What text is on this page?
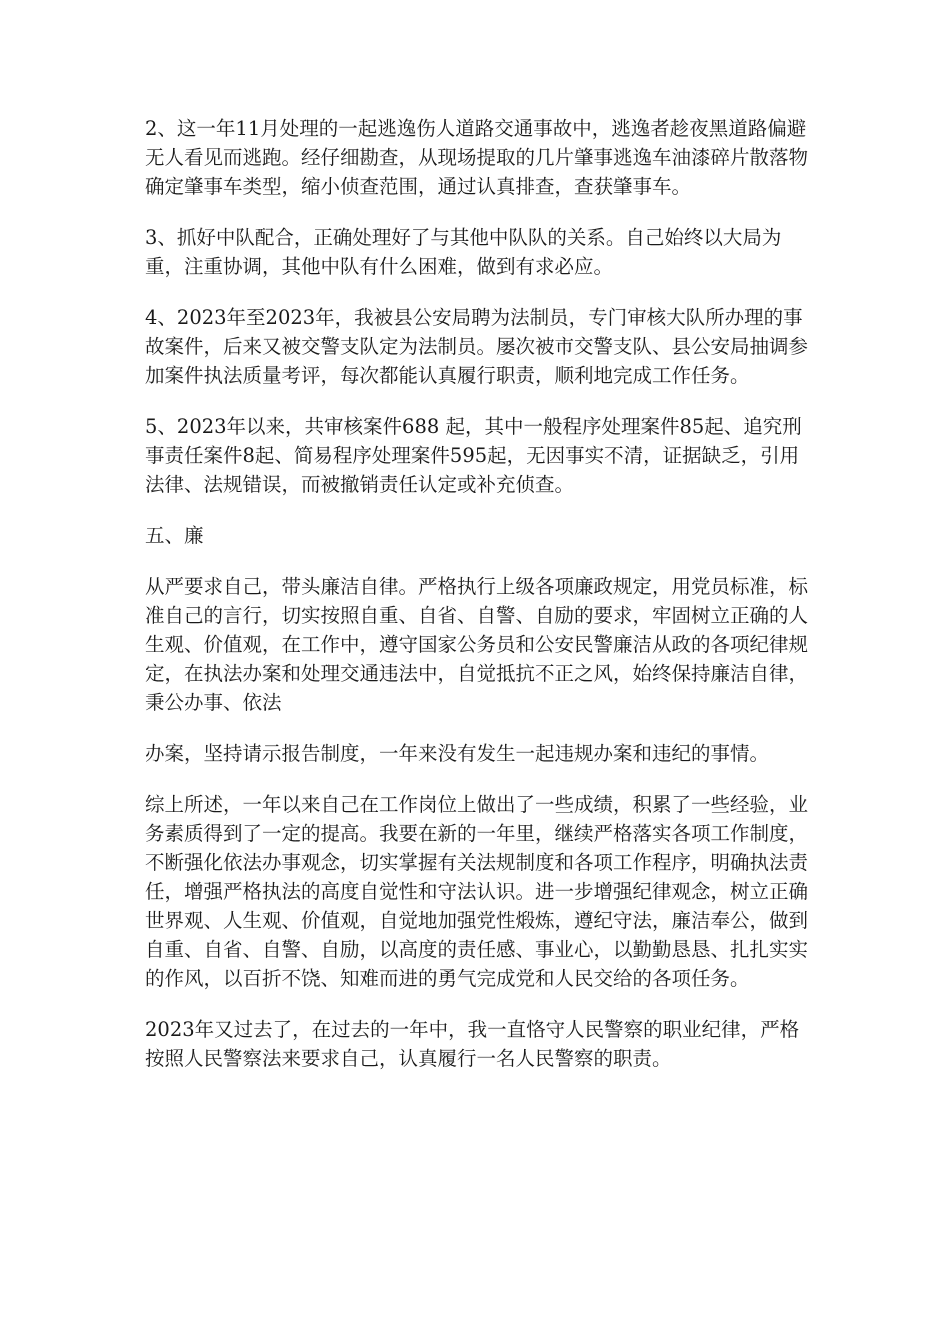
2、这一年11月处理的一起逃逸伤人道路交通事故中，逃逸者趁夜黑道路偏避无人看见而逃跑。经仔细勘查，从现场提取的几片肇事逃逸车油漆碎片散落物确定肇事车类型，缩小侦查范围，通过认真排查，查获肇事车。

3、抓好中队配合，正确处理好了与其他中队队的关系。自己始终以大局为重，注重协调，其他中队有什么困难，做到有求必应。

4、2023年至2023年，我被县公安局聘为法制员，专门审核大队所办理的事故案件，后来又被交警支队定为法制员。屡次被市交警支队、县公安局抽调参加案件执法质量考评，每次都能认真履行职责，顺利地完成工作任务。

5、2023年以来，共审核案件688 起，其中一般程序处理案件85起、追究刑事责任案件8起、简易程序处理案件595起，无因事实不清，证据缺乏，引用法律、法规错误，而被撤销责任认定或补充侦查。

五、廉

从严要求自己，带头廉洁自律。严格执行上级各项廉政规定，用党员标准，标准自己的言行，切实按照自重、自省、自警、自励的要求，牢固树立正确的人生观、价值观，在工作中，遵守国家公务员和公安民警廉洁从政的各项纪律规定，在执法办案和处理交通违法中，自觉抵抗不正之风，始终保持廉洁自律，秉公办事、依法

办案，坚持请示报告制度，一年来没有发生一起违规办案和违纪的事情。

综上所述，一年以来自己在工作岗位上做出了一些成绩，积累了一些经验，业务素质得到了一定的提高。我要在新的一年里，继续严格落实各项工作制度，不断强化依法办事观念，切实掌握有关法规制度和各项工作程序，明确执法责任，增强严格执法的高度自觉性和守法认识。进一步增强纪律观念，树立正确世界观、人生观、价值观，自觉地加强党性煅炼，遵纪守法，廉洁奉公，做到自重、自省、自警、自励，以高度的责任感、事业心，以勤勤恳恳、扎扎实实的作风，以百折不饶、知难而进的勇气完成党和人民交给的各项任务。

2023年又过去了，在过去的一年中，我一直恪守人民警察的职业纪律，严格按照人民警察法来要求自己，认真履行一名人民警察的职责。
